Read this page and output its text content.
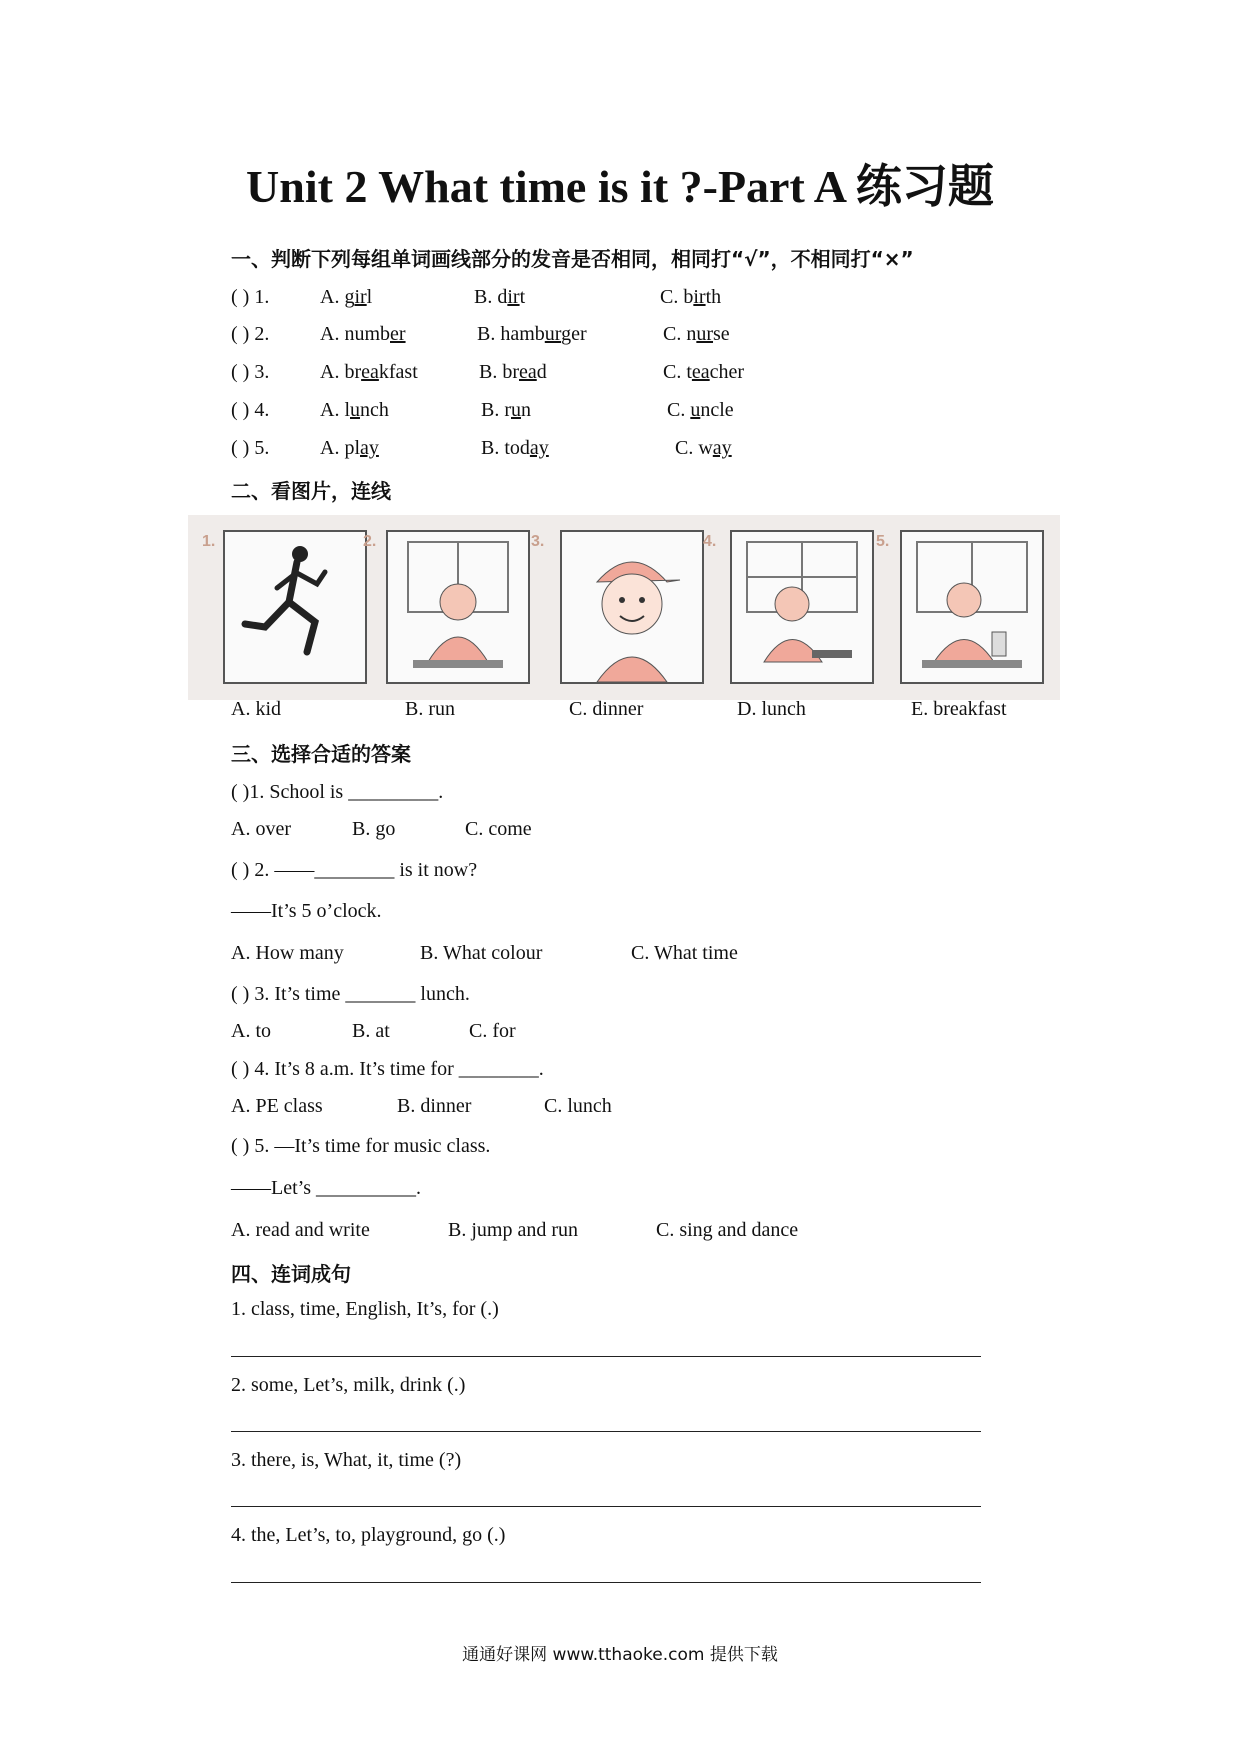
Unit 2 What time is it ?-Part A 练习题
一、判断下列每组单词画线部分的发音是否相同，相同打“√”，不相同打“×”
( ) 1.	A. girl	B. dirt	C. birth
( ) 2.	A. number	B. hamburger	C. nurse
( ) 3.	A. breakfast	B. bread	C. teacher
( ) 4.	A. lunch	B. run	C. uncle
( ) 5.	A. play	B. today	C. way
二、看图片，连线
1.	2.	3.	4.	5.
A. kid	B. run	C. dinner	D. lunch	E. breakfast
三、选择合适的答案
( )1. School is _________.
A. over	B. go	C. come
( ) 2. ——________ is it now?
——It’s 5 o’clock.
A. How many	B. What colour	C. What time
( ) 3. It’s time _______ lunch.
A. to	B. at	C. for
( ) 4. It’s 8 a.m. It’s time for ________.
A. PE class	B. dinner	C. lunch
( ) 5. —It’s time for music class.
——Let’s __________.
A. read and write	B. jump and run	C. sing and dance
四、连词成句
1. class, time, English, It’s, for (.)
2. some, Let’s, milk, drink (.)
3. there, is, What, it, time (?)
4. the, Let’s, to, playground, go (.)
通通好课网 www.tthaoke.com 提供下载
